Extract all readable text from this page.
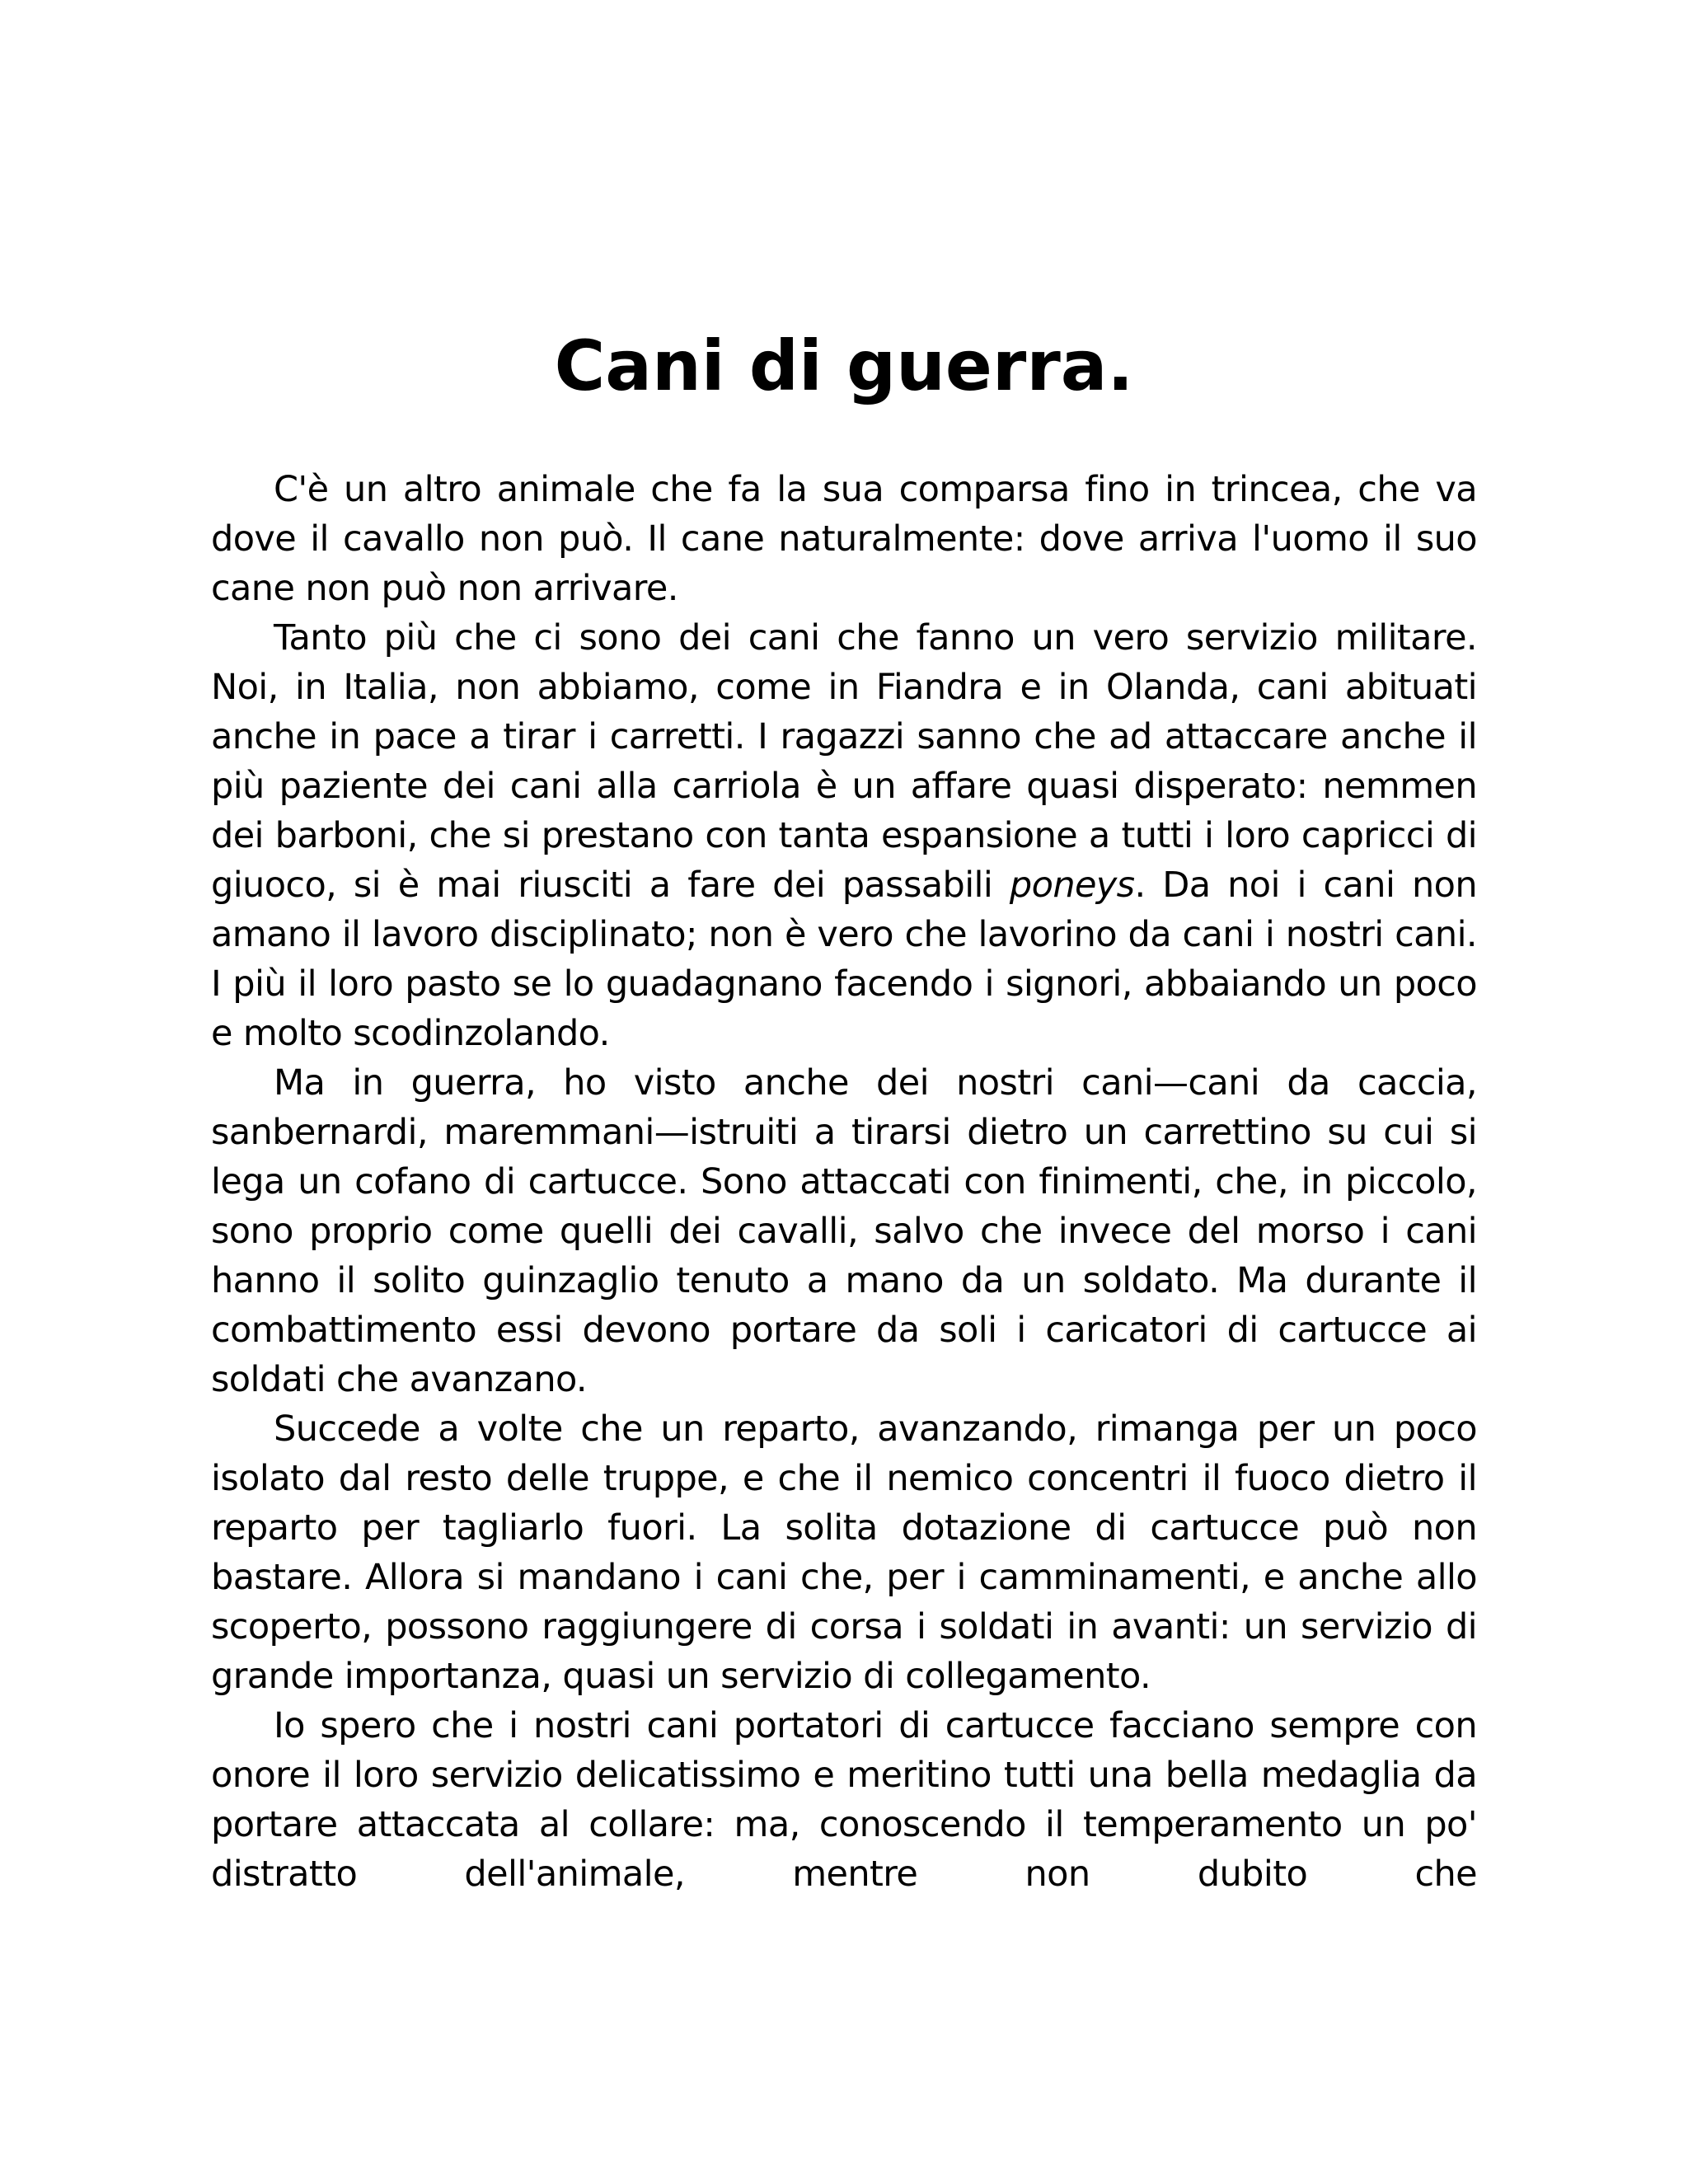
Cani di guerra.

C'è un altro animale che fa la sua comparsa fino in trincea, che va dove il cavallo non può. Il cane naturalmente: dove arriva l'uomo il suo cane non può non arrivare.

Tanto più che ci sono dei cani che fanno un vero servizio militare. Noi, in Italia, non abbiamo, come in Fiandra e in Olanda, cani abituati anche in pace a tirar i carretti. I ragazzi sanno che ad attaccare anche il più paziente dei cani alla carriola è un affare quasi disperato: nemmen dei barboni, che si prestano con tanta espansione a tutti i loro capricci di giuoco, si è mai riusciti a fare dei passabili poneys. Da noi i cani non amano il lavoro disciplinato; non è vero che lavorino da cani i nostri cani. I più il loro pasto se lo guadagnano facendo i signori, abbaiando un poco e molto scodinzolando.

Ma in guerra, ho visto anche dei nostri cani—cani da caccia, sanbernardi, maremmani—istruiti a tirarsi dietro un carrettino su cui si lega un cofano di cartucce. Sono attaccati con finimenti, che, in piccolo, sono proprio come quelli dei cavalli, salvo che invece del morso i cani hanno il solito guinzaglio tenuto a mano da un soldato. Ma durante il combattimento essi devono portare da soli i caricatori di cartucce ai soldati che avanzano.

Succede a volte che un reparto, avanzando, rimanga per un poco isolato dal resto delle truppe, e che il nemico concentri il fuoco dietro il reparto per tagliarlo fuori. La solita dotazione di cartucce può non bastare. Allora si mandano i cani che, per i camminamenti, e anche allo scoperto, possono raggiungere di corsa i soldati in avanti: un servizio di grande importanza, quasi un servizio di collegamento.

Io spero che i nostri cani portatori di cartucce facciano sempre con onore il loro servizio delicatissimo e meritino tutti una bella medaglia da portare attaccata al collare: ma, conoscendo il temperamento un po' distratto dell'animale, mentre non dubito che
